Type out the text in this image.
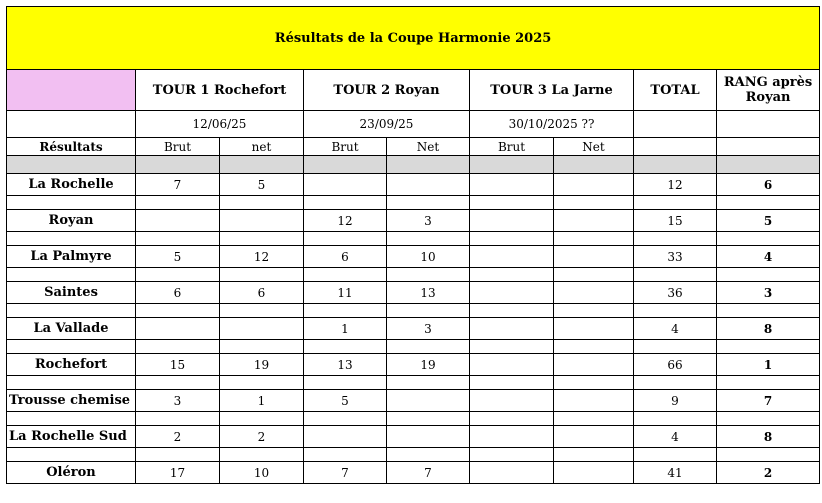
Résultats de la Coupe Harmonie 2025								
	TOUR 1 Rochefort		TOUR 2 Royan		TOUR 3 La Jarne		TOTAL	RANG après Royan
	12/06/25		23/09/25		30/10/2025 ??			
Résultats	Brut	net	Brut	Net	Brut	Net		

La Rochelle	7	5					12	6

Royan			12	3			15	5

La Palmyre	5	12	6	10			33	4

Saintes	6	6	11	13			36	3

La Vallade			1	3			4	8

Rochefort	15	19	13	19			66	1

Trousse chemise	3	1	5				9	7

La Rochelle Sud	2	2					4	8

Oléron	17	10	7	7			41	2
